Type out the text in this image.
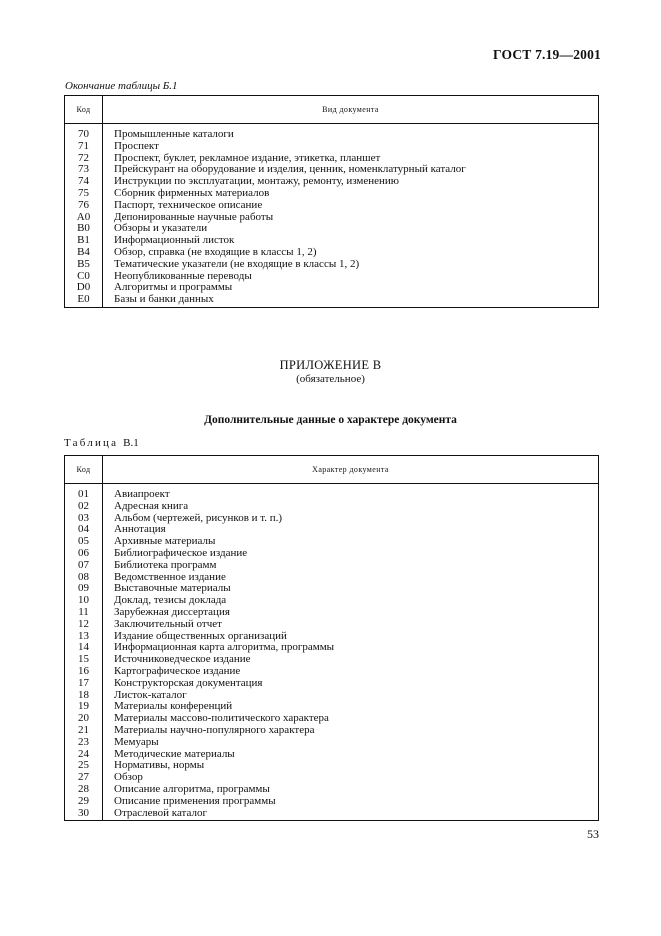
ГОСТ 7.19—2001
Окончание таблицы Б.1
Код	Вид документа
70	Промышленные каталоги
71	Проспект
72	Проспект, буклет, рекламное издание, этикетка, планшет
73	Прейскурант на оборудование и изделия, ценник, номенклатурный каталог
74	Инструкции по эксплуатации, монтажу, ремонту, изменению
75	Сборник фирменных материалов
76	Паспорт, техническое описание
A0	Депонированные научные работы
B0	Обзоры и указатели
B1	Информационный листок
B4	Обзор, справка (не входящие в классы 1, 2)
B5	Тематические указатели (не входящие в классы 1, 2)
C0	Неопубликованные переводы
D0	Алгоритмы и программы
E0	Базы и банки данных
ПРИЛОЖЕНИЕ В
(обязательное)
Дополнительные данные о характере документа
Таблица В.1
Код	Характер документа
01	Авиапроект
02	Адресная книга
03	Альбом (чертежей, рисунков и т. п.)
04	Аннотация
05	Архивные материалы
06	Библиографическое издание
07	Библиотека программ
08	Ведомственное издание
09	Выставочные материалы
10	Доклад, тезисы доклада
11	Зарубежная диссертация
12	Заключительный отчет
13	Издание общественных организаций
14	Информационная карта алгоритма, программы
15	Источниковедческое издание
16	Картографическое издание
17	Конструкторская документация
18	Листок-каталог
19	Материалы конференций
20	Материалы массово-политического характера
21	Материалы научно-популярного характера
23	Мемуары
24	Методические материалы
25	Нормативы, нормы
27	Обзор
28	Описание алгоритма, программы
29	Описание применения программы
30	Отраслевой каталог
53
